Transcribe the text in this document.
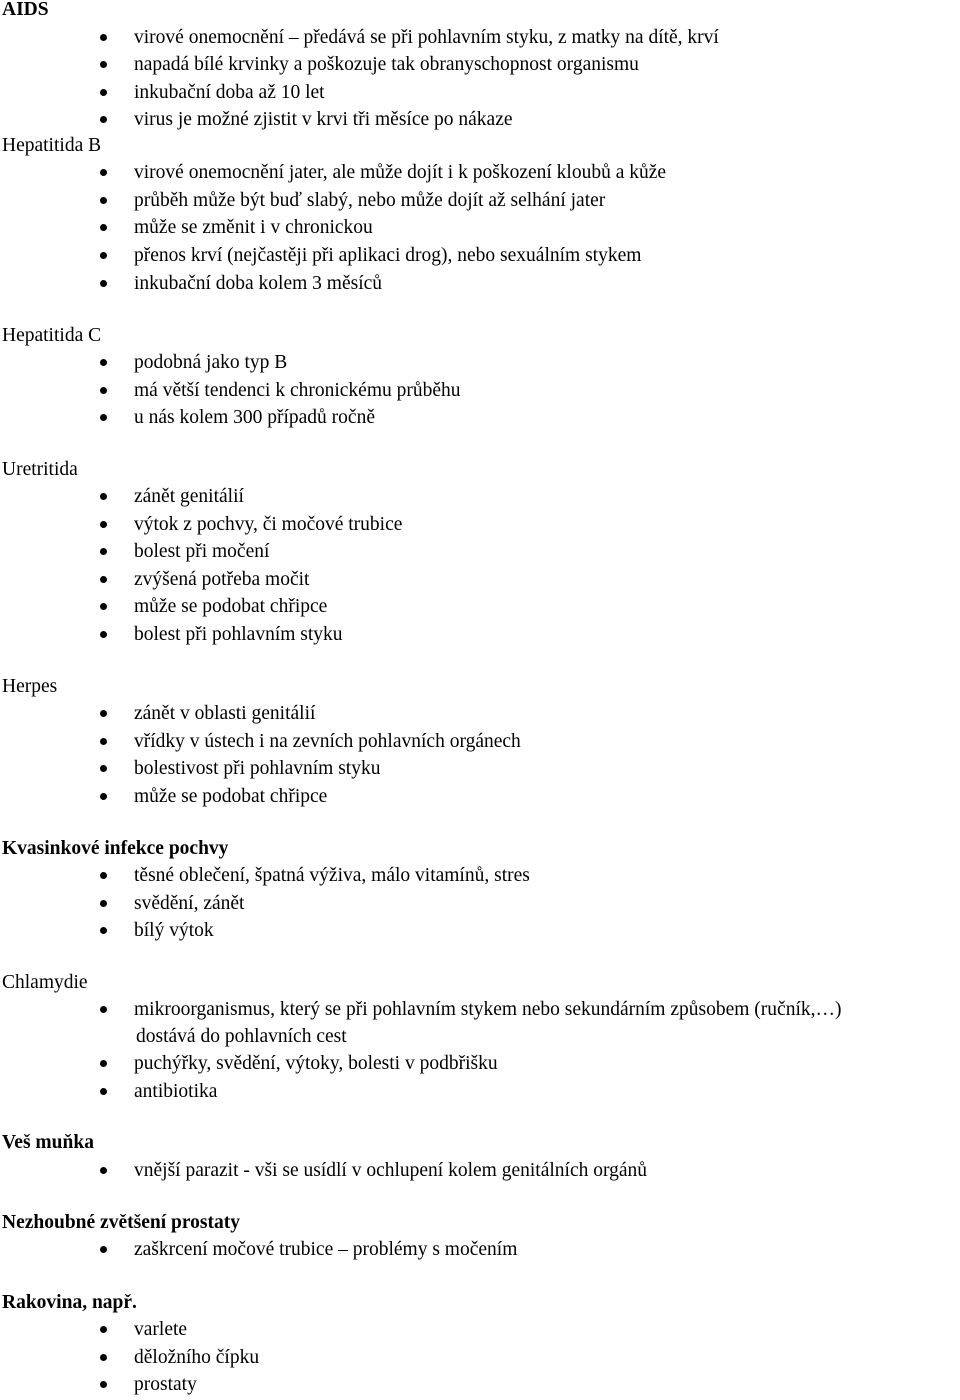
AIDS
virové onemocnění – předává se při pohlavním styku, z matky na dítě, krví
napadá bílé krvinky a poškozuje tak obranyschopnost organismu
inkubační doba až 10 let
virus je možné zjistit v krvi tři měsíce po nákaze
Hepatitida B
virové onemocnění jater, ale může dojít i k poškození kloubů a kůže
průběh může být buď slabý, nebo může dojít až selhání jater
může se změnit i v chronickou
přenos krví (nejčastěji při aplikaci drog), nebo sexuálním stykem
inkubační doba kolem 3 měsíců
Hepatitida C
podobná jako typ B
má větší tendenci k chronickému průběhu
u nás kolem 300 případů ročně
Uretritida
zánět genitálií
výtok z pochvy, či močové trubice
bolest při močení
zvýšená potřeba močit
může se podobat chřipce
bolest při pohlavním styku
Herpes
zánět v oblasti genitálií
vřídky v ústech i na zevních pohlavních orgánech
bolestivost při pohlavním styku
může se podobat chřipce
Kvasinkové infekce pochvy
těsné oblečení, špatná výživa, málo vitamínů, stres
svědění, zánět
bílý výtok
Chlamydie
mikroorganismus, který se při pohlavním stykem nebo sekundárním způsobem (ručník,…)
dostává do pohlavních cest
puchýřky, svědění, výtoky, bolesti v podbřišku
antibiotika
Veš muňka
vnější parazit - vši se usídlí v ochlupení kolem genitálních orgánů
Nezhoubné zvětšení prostaty
zaškrcení močové trubice – problémy s močením
Rakovina, např.
varlete
děložního čípku
prostaty
